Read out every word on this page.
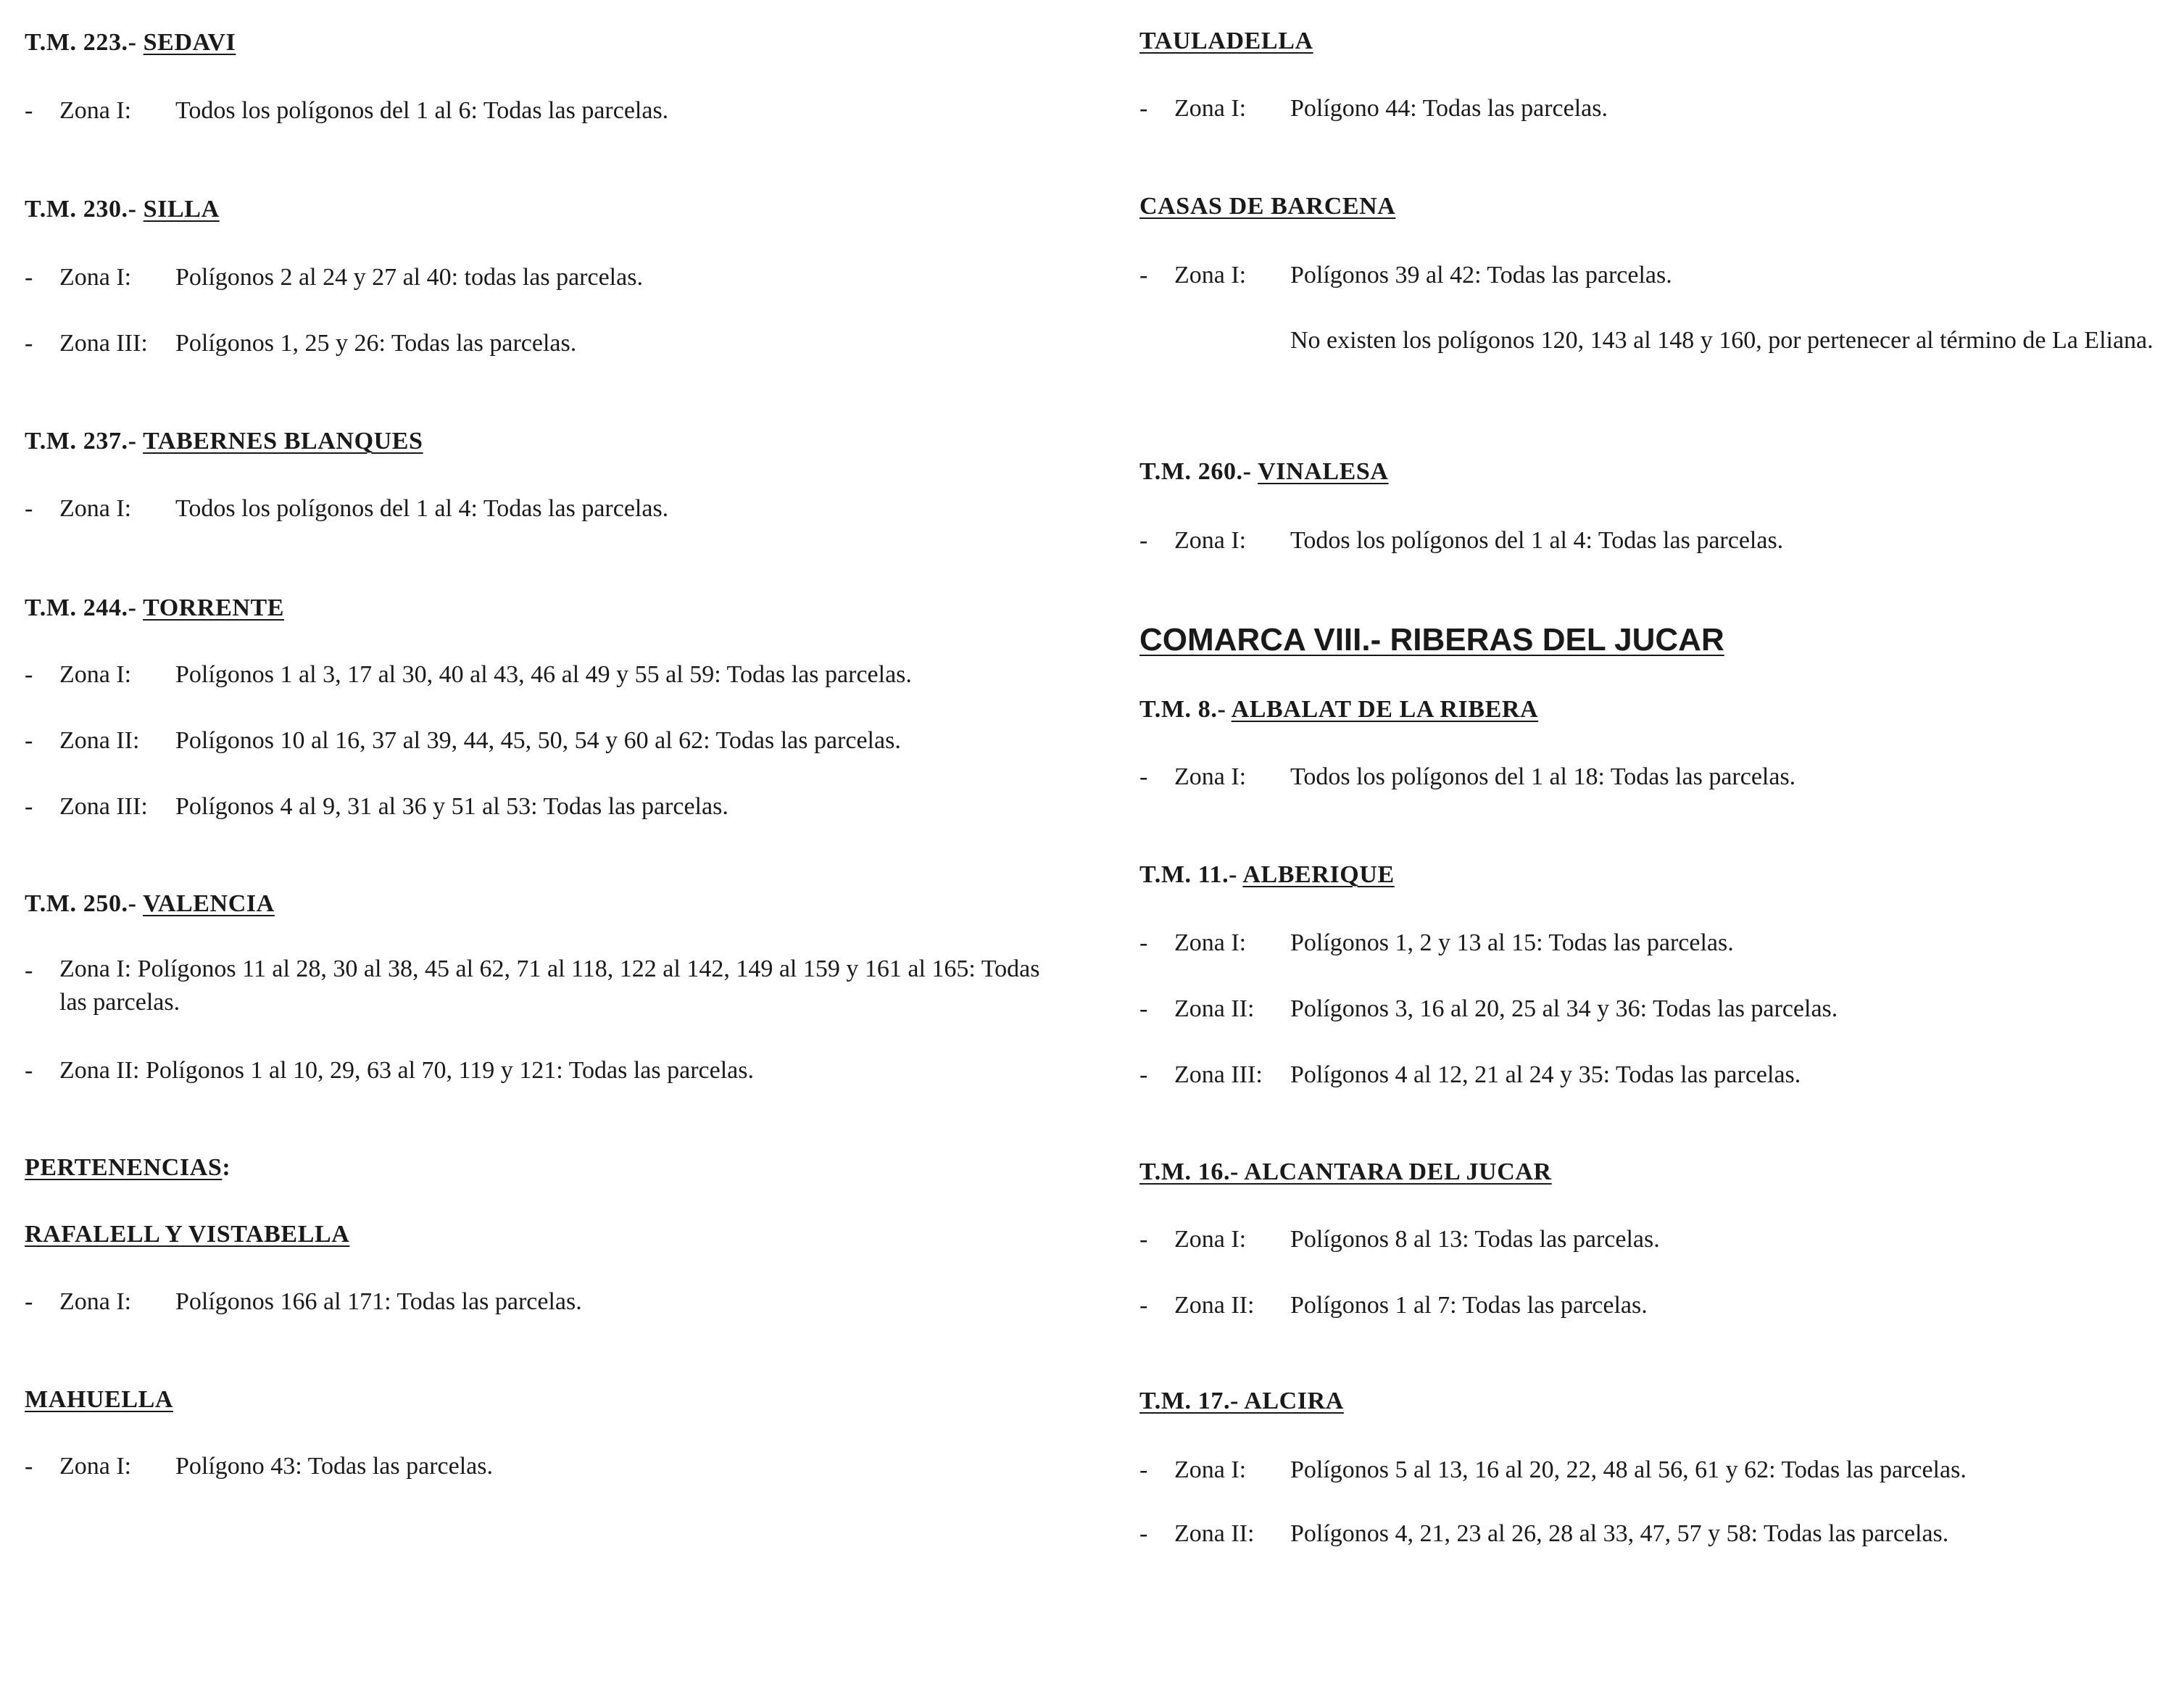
T.M. 223.- SEDAVI
- Zona I: Todos los polígonos del 1 al 6: Todas las parcelas.
T.M. 230.- SILLA
- Zona I: Polígonos 2 al 24 y 27 al 40: todas las parcelas.
- Zona III: Polígonos 1, 25 y 26: Todas las parcelas.
T.M. 237.- TABERNES BLANQUES
- Zona I: Todos los polígonos del 1 al 4: Todas las parcelas.
T.M. 244.- TORRENTE
- Zona I: Polígonos 1 al 3, 17 al 30, 40 al 43, 46 al 49 y 55 al 59: Todas las parcelas.
- Zona II: Polígonos 10 al 16, 37 al 39, 44, 45, 50, 54 y 60 al 62: Todas las parcelas.
- Zona III: Polígonos 4 al 9, 31 al 36 y 51 al 53: Todas las parcelas.
T.M. 250.- VALENCIA
-	Zona I: Polígonos 11 al 28, 30 al 38, 45 al 62, 71 al 118, 122 al 142, 149 al 159 y 161 al 165: Todas las parcelas.
- Zona II: Polígonos 1 al 10, 29, 63 al 70, 119 y 121: Todas las parcelas.
PERTENENCIAS:
RAFALELL Y VISTABELLA
- Zona I: Polígonos 166 al 171: Todas las parcelas.
MAHUELLA
- Zona I: Polígono 43: Todas las parcelas.
TAULADELLA
- Zona I: Polígono 44: Todas las parcelas.
CASAS DE BARCENA
- Zona I: Polígonos 39 al 42: Todas las parcelas.
No existen los polígonos 120, 143 al 148 y 160, por pertenecer al término de La Eliana.
T.M. 260.- VINALESA
- Zona I: Todos los polígonos del 1 al 4: Todas las parcelas.
COMARCA VIII.- RIBERAS DEL JUCAR
T.M. 8.- ALBALAT DE LA RIBERA
- Zona I: Todos los polígonos del 1 al 18: Todas las parcelas.
T.M. 11.- ALBERIQUE
- Zona I: Polígonos 1, 2 y 13 al 15: Todas las parcelas.
- Zona II: Polígonos 3, 16 al 20, 25 al 34 y 36: Todas las parcelas.
- Zona III: Polígonos 4 al 12, 21 al 24 y 35: Todas las parcelas.
T.M. 16.- ALCANTARA DEL JUCAR
- Zona I: Polígonos 8 al 13: Todas las parcelas.
- Zona II: Polígonos 1 al 7: Todas las parcelas.
T.M. 17.- ALCIRA
- Zona I: Polígonos 5 al 13, 16 al 20, 22, 48 al 56, 61 y 62: Todas las parcelas.
- Zona II: Polígonos 4, 21, 23 al 26, 28 al 33, 47, 57 y 58: Todas las parcelas.
